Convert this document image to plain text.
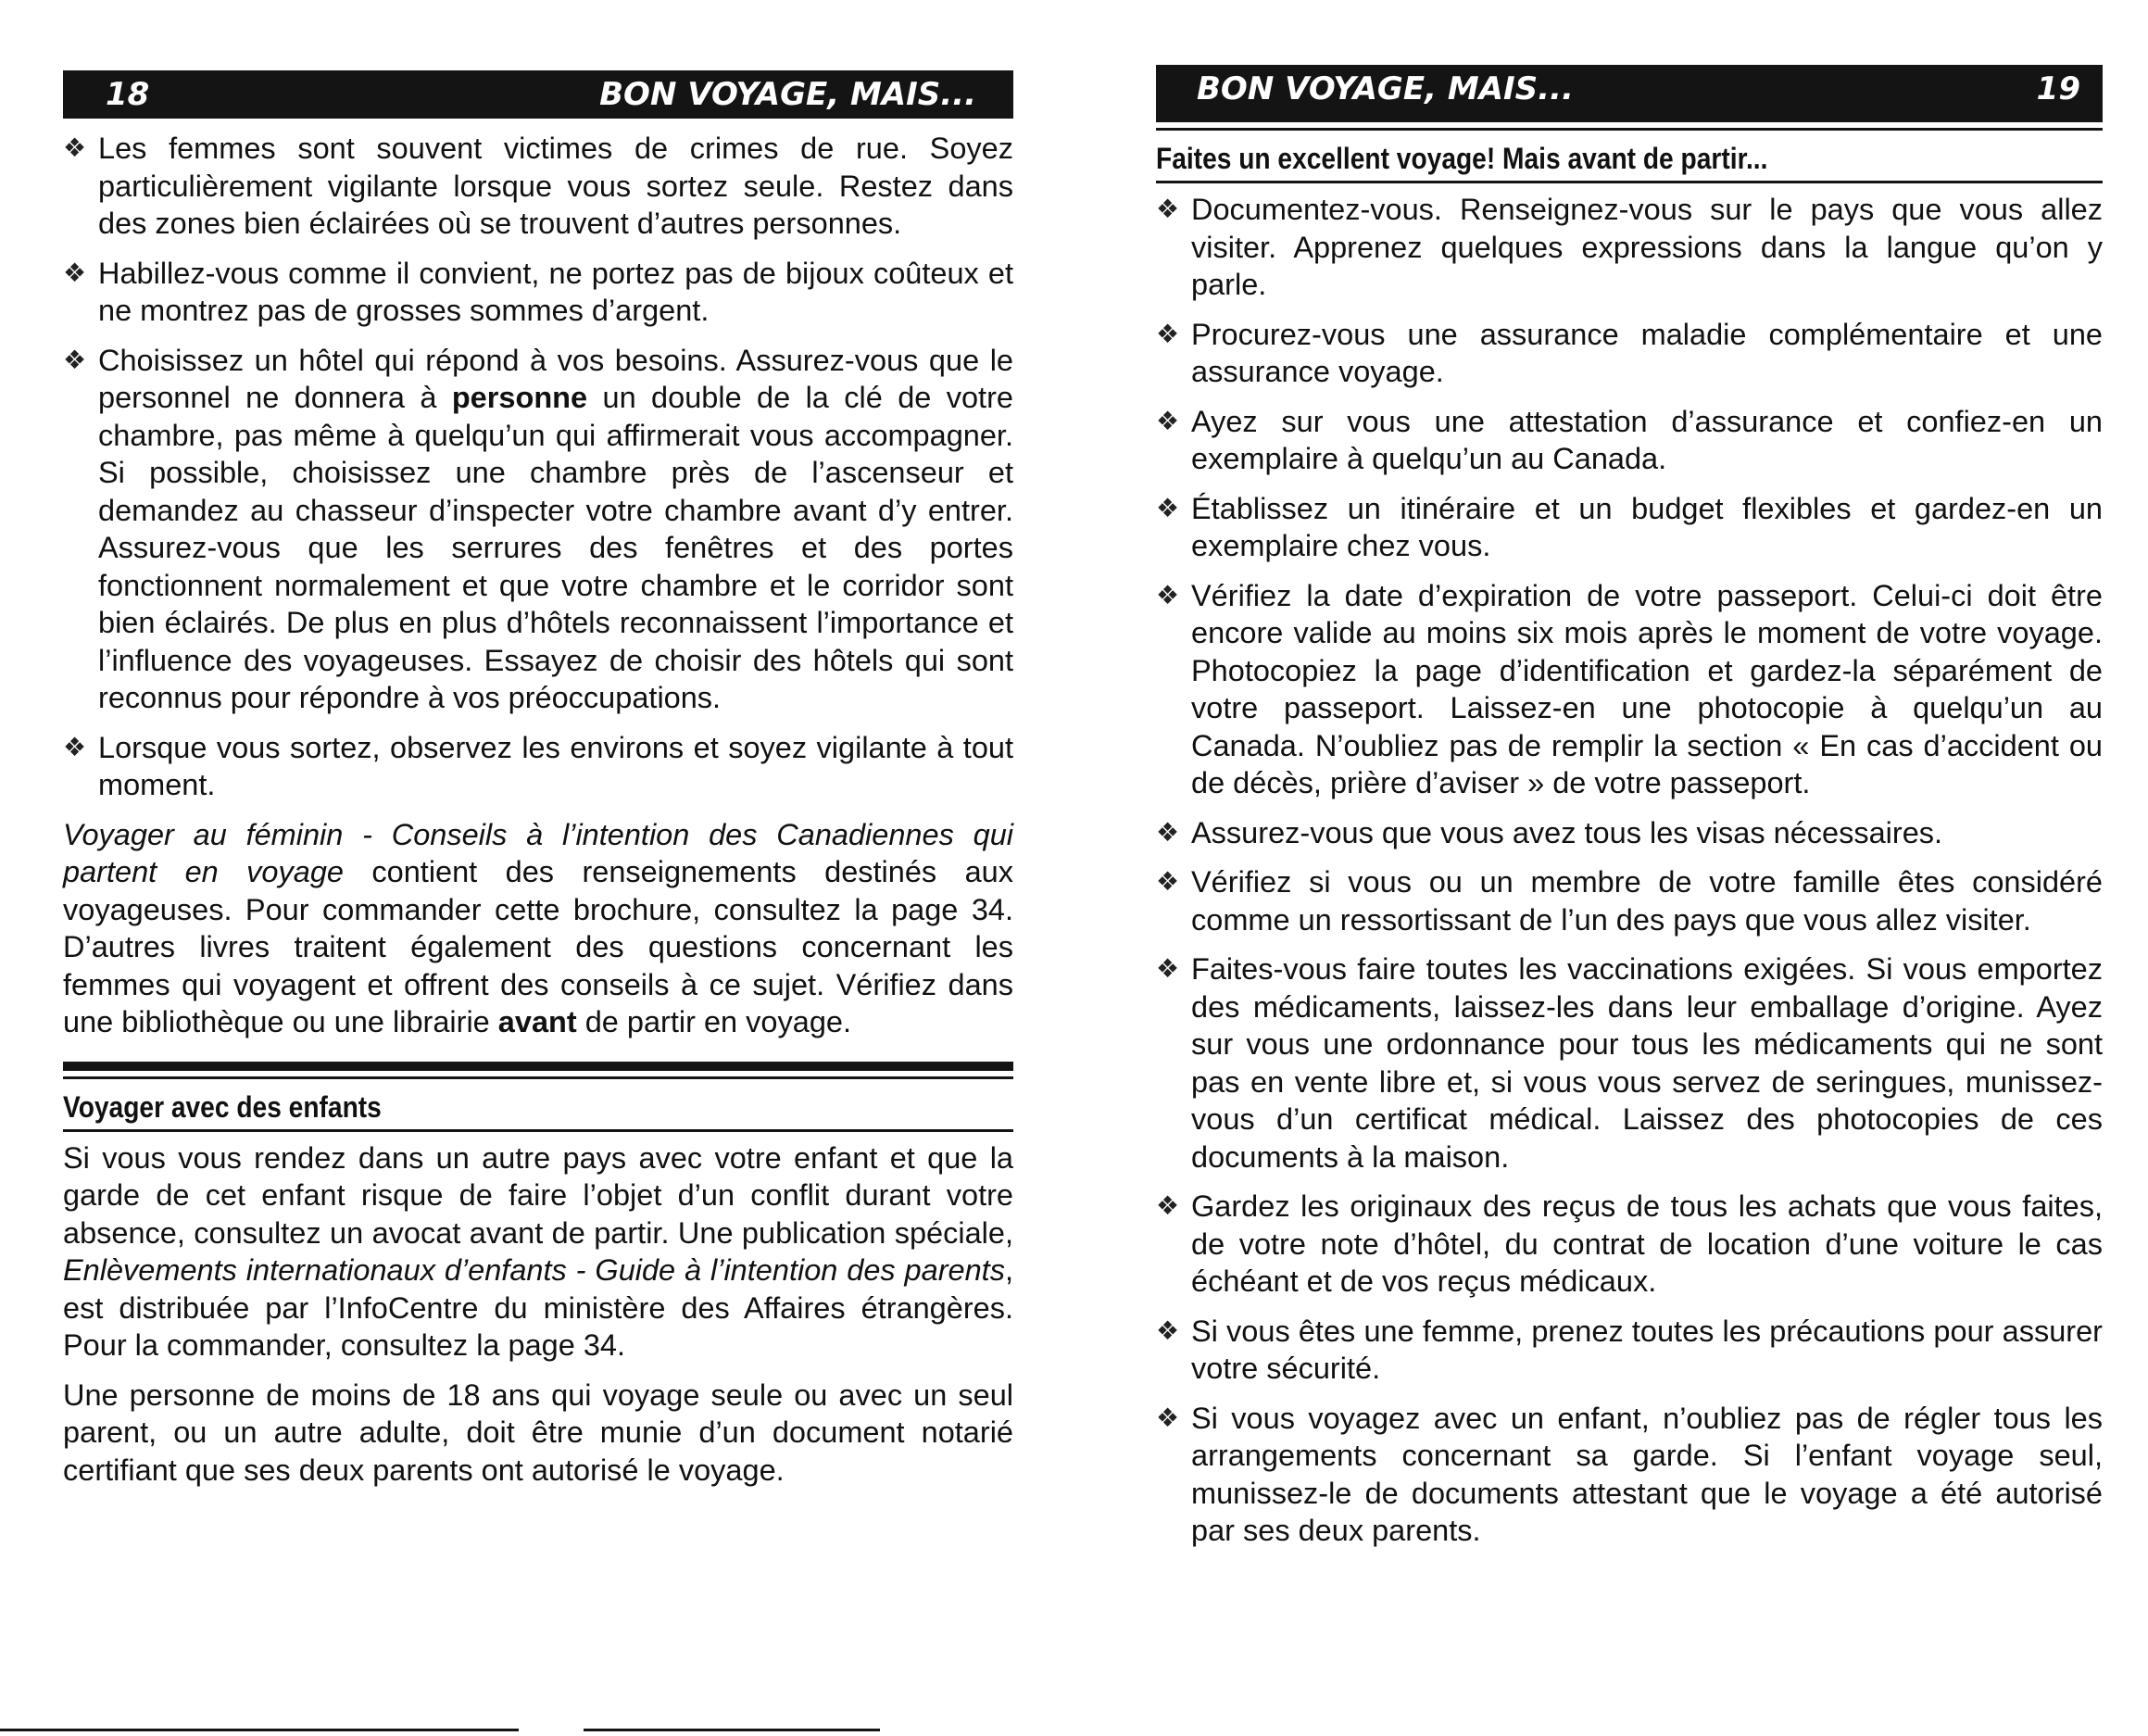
18	BON VOYAGE, MAIS...
❖ Les femmes sont souvent victimes de crimes de rue. Soyez particulièrement vigilante lorsque vous sortez seule. Restez dans des zones bien éclairées où se trouvent d’autres personnes.
❖ Habillez-vous comme il convient, ne portez pas de bijoux coûteux et ne montrez pas de grosses sommes d’argent.
❖ Choisissez un hôtel qui répond à vos besoins. Assurez-vous que le personnel ne donnera à personne un double de la clé de votre chambre, pas même à quelqu’un qui affirmerait vous accompagner. Si possible, choisissez une chambre près de l’ascenseur et demandez au chasseur d’inspecter votre chambre avant d’y entrer. Assurez-vous que les serrures des fenêtres et des portes fonctionnent normalement et que votre chambre et le corridor sont bien éclairés. De plus en plus d’hôtels reconnaissent l’importance et l’influence des voyageuses. Essayez de choisir des hôtels qui sont reconnus pour répondre à vos préoccupations.
❖ Lorsque vous sortez, observez les environs et soyez vigilante à tout moment.

Voyager au féminin - Conseils à l’intention des Canadiennes qui partent en voyage contient des renseignements destinés aux voyageuses. Pour commander cette brochure, consultez la page 34. D’autres livres traitent également des questions concernant les femmes qui voyagent et offrent des conseils à ce sujet. Vérifiez dans une bibliothèque ou une librairie avant de partir en voyage.

Voyager avec des enfants

Si vous vous rendez dans un autre pays avec votre enfant et que la garde de cet enfant risque de faire l’objet d’un conflit durant votre absence, consultez un avocat avant de partir. Une publication spéciale, Enlèvements internationaux d’enfants - Guide à l’intention des parents, est distribuée par l’InfoCentre du ministère des Affaires étrangères. Pour la commander, consultez la page 34.

Une personne de moins de 18 ans qui voyage seule ou avec un seul parent, ou un autre adulte, doit être munie d’un document notarié certifiant que ses deux parents ont autorisé le voyage.

BON VOYAGE, MAIS...	19
Faites un excellent voyage! Mais avant de partir...
❖ Documentez-vous. Renseignez-vous sur le pays que vous allez visiter. Apprenez quelques expressions dans la langue qu’on y parle.
❖ Procurez-vous une assurance maladie complémentaire et une assurance voyage.
❖ Ayez sur vous une attestation d’assurance et confiez-en un exemplaire à quelqu’un au Canada.
❖ Établissez un itinéraire et un budget flexibles et gardez-en un exemplaire chez vous.
❖ Vérifiez la date d’expiration de votre passeport. Celui-ci doit être encore valide au moins six mois après le moment de votre voyage. Photocopiez la page d’identification et gardez-la séparément de votre passeport. Laissez-en une photocopie à quelqu’un au Canada. N’oubliez pas de remplir la section « En cas d’accident ou de décès, prière d’aviser » de votre passeport.
❖ Assurez-vous que vous avez tous les visas nécessaires.
❖ Vérifiez si vous ou un membre de votre famille êtes considéré comme un ressortissant de l’un des pays que vous allez visiter.
❖ Faites-vous faire toutes les vaccinations exigées. Si vous emportez des médicaments, laissez-les dans leur emballage d’origine. Ayez sur vous une ordonnance pour tous les médicaments qui ne sont pas en vente libre et, si vous vous servez de seringues, munissez-vous d’un certificat médical. Laissez des photocopies de ces documents à la maison.
❖ Gardez les originaux des reçus de tous les achats que vous faites, de votre note d’hôtel, du contrat de location d’une voiture le cas échéant et de vos reçus médicaux.
❖ Si vous êtes une femme, prenez toutes les précautions pour assurer votre sécurité.
❖ Si vous voyagez avec un enfant, n’oubliez pas de régler tous les arrangements concernant sa garde. Si l’enfant voyage seul, munissez-le de documents attestant que le voyage a été autorisé par ses deux parents.
